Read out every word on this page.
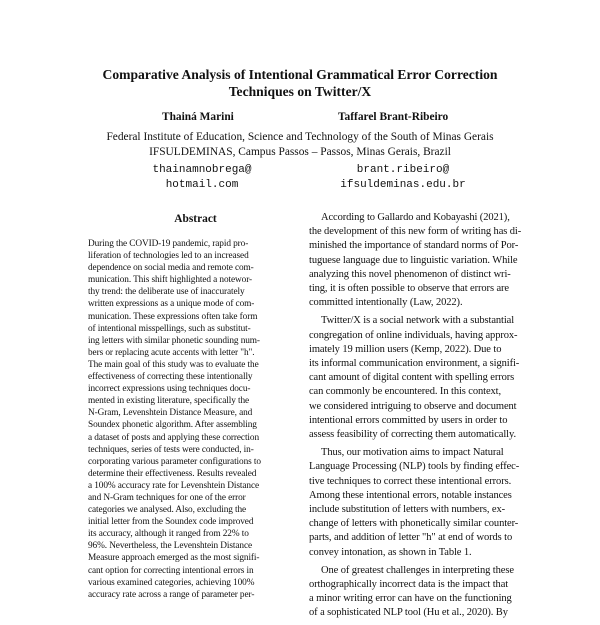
Comparative Analysis of Intentional Grammatical Error Correction
Techniques on Twitter/X
Thainá Marini	Taffarel Brant-Ribeiro
Federal Institute of Education, Science and Technology of the South of Minas Gerais
IFSULDEMINAS, Campus Passos – Passos, Minas Gerais, Brazil
thainamnobrega@
hotmail.com
brant.ribeiro@
ifsuldeminas.edu.br
Abstract
During the COVID-19 pandemic, rapid pro-
liferation of technologies led to an increased
dependence on social media and remote com-
munication. This shift highlighted a notewor-
thy trend: the deliberate use of inaccurately
written expressions as a unique mode of com-
munication. These expressions often take form
of intentional misspellings, such as substitut-
ing letters with similar phonetic sounding num-
bers or replacing acute accents with letter "h".
The main goal of this study was to evaluate the
effectiveness of correcting these intentionally
incorrect expressions using techniques docu-
mented in existing literature, specifically the
N-Gram, Levenshtein Distance Measure, and
Soundex phonetic algorithm. After assembling
a dataset of posts and applying these correction
techniques, series of tests were conducted, in-
corporating various parameter configurations to
determine their effectiveness. Results revealed
a 100% accuracy rate for Levenshtein Distance
and N-Gram techniques for one of the error
categories we analysed. Also, excluding the
initial letter from the Soundex code improved
its accuracy, although it ranged from 22% to
96%. Nevertheless, the Levenshtein Distance
Measure approach emerged as the most signifi-
cant option for correcting intentional errors in
various examined categories, achieving 100%
accuracy rate across a range of parameter per-
According to Gallardo and Kobayashi (2021),
the development of this new form of writing has di-
minished the importance of standard norms of Por-
tuguese language due to linguistic variation. While
analyzing this novel phenomenon of distinct wri-
ting, it is often possible to observe that errors are
committed intentionally (Law, 2022).
Twitter/X is a social network with a substantial
congregation of online individuals, having approx-
imately 19 million users (Kemp, 2022). Due to
its informal communication environment, a signifi-
cant amount of digital content with spelling errors
can commonly be encountered. In this context,
we considered intriguing to observe and document
intentional errors committed by users in order to
assess feasibility of correcting them automatically.
Thus, our motivation aims to impact Natural
Language Processing (NLP) tools by finding effec-
tive techniques to correct these intentional errors.
Among these intentional errors, notable instances
include substitution of letters with numbers, ex-
change of letters with phonetically similar counter-
parts, and addition of letter "h" at end of words to
convey intonation, as shown in Table 1.
One of greatest challenges in interpreting these
orthographically incorrect data is the impact that
a minor writing error can have on the functioning
of a sophisticated NLP tool (Hu et al., 2020). By
